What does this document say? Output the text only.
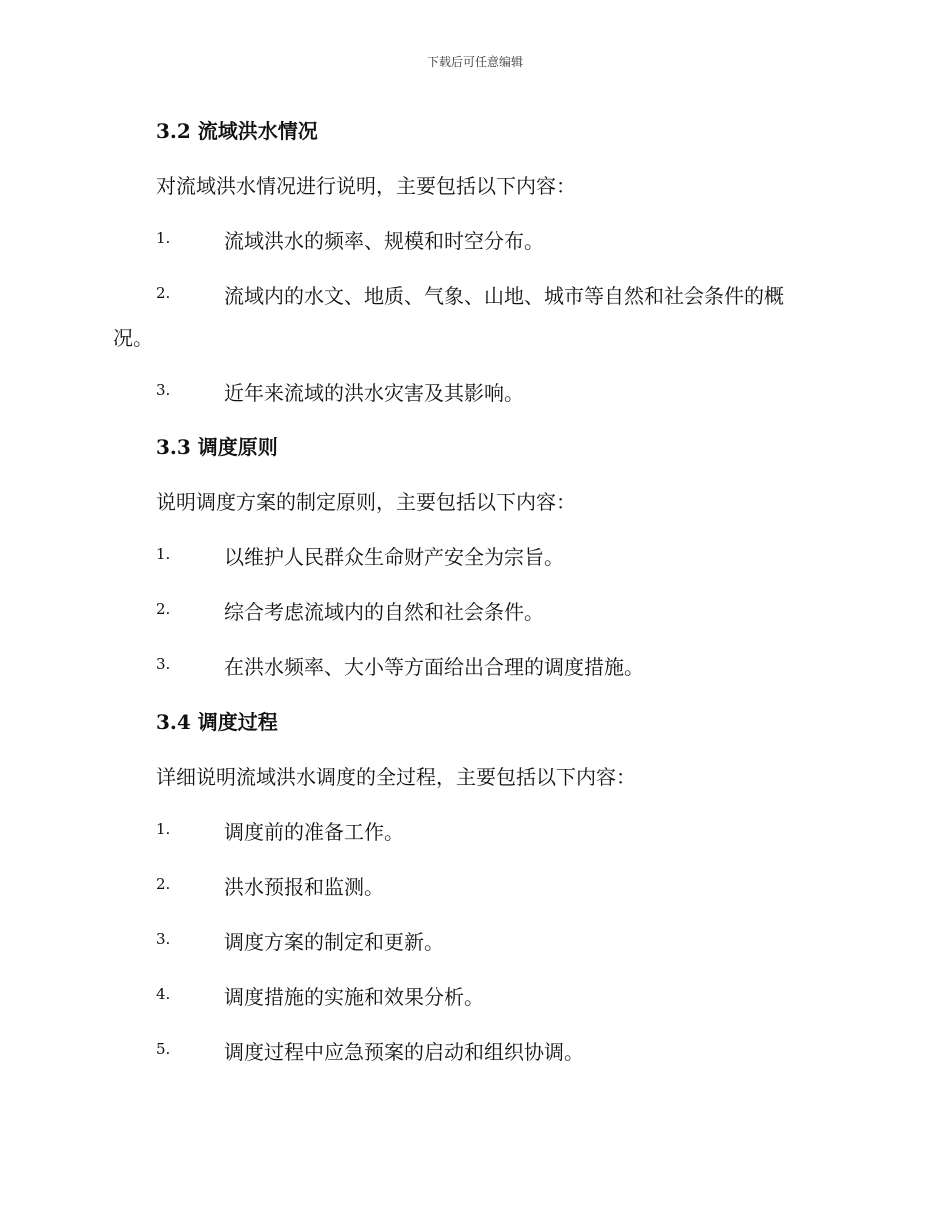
下载后可任意编辑
3.2 流域洪水情况
对流域洪水情况进行说明，主要包括以下内容：
1.	流域洪水的频率、规模和时空分布。
2.	流域内的水文、地质、气象、山地、城市等自然和社会条件的概
况。
3.	近年来流域的洪水灾害及其影响。
3.3 调度原则
说明调度方案的制定原则，主要包括以下内容：
1.	以维护人民群众生命财产安全为宗旨。
2.	综合考虑流域内的自然和社会条件。
3.	在洪水频率、大小等方面给出合理的调度措施。
3.4 调度过程
详细说明流域洪水调度的全过程，主要包括以下内容：
1.	调度前的准备工作。
2.	洪水预报和监测。
3.	调度方案的制定和更新。
4.	调度措施的实施和效果分析。
5.	调度过程中应急预案的启动和组织协调。
